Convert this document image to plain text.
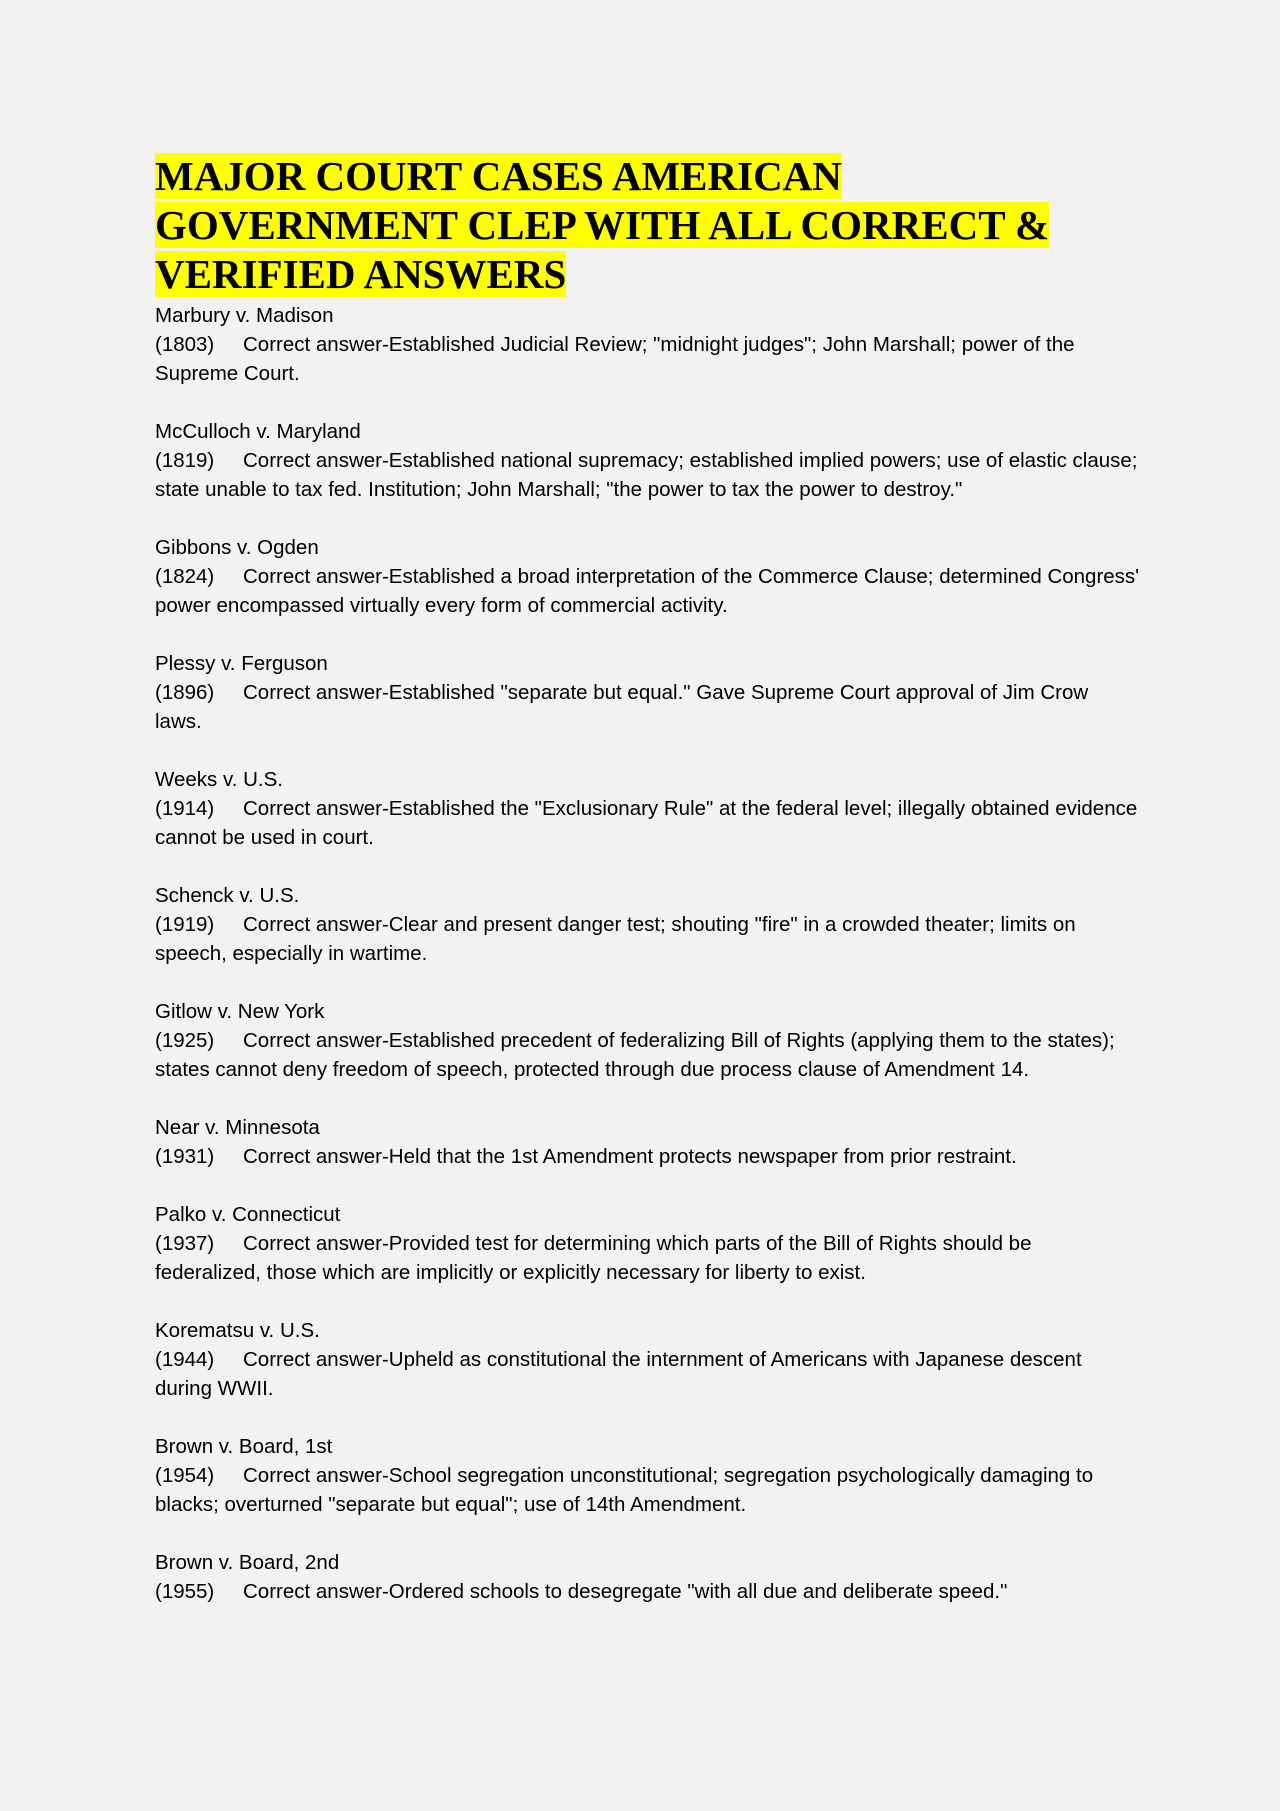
MAJOR COURT CASES AMERICAN GOVERNMENT CLEP WITH ALL CORRECT & VERIFIED ANSWERS
Marbury v. Madison
(1803) Correct answer-Established Judicial Review; "midnight judges"; John Marshall; power of the Supreme Court.
McCulloch v. Maryland
(1819) Correct answer-Established national supremacy; established implied powers; use of elastic clause; state unable to tax fed. Institution; John Marshall; "the power to tax the power to destroy."
Gibbons v. Ogden
(1824) Correct answer-Established a broad interpretation of the Commerce Clause; determined Congress' power encompassed virtually every form of commercial activity.
Plessy v. Ferguson
(1896) Correct answer-Established "separate but equal." Gave Supreme Court approval of Jim Crow laws.
Weeks v. U.S.
(1914) Correct answer-Established the "Exclusionary Rule" at the federal level; illegally obtained evidence cannot be used in court.
Schenck v. U.S.
(1919) Correct answer-Clear and present danger test; shouting "fire" in a crowded theater; limits on speech, especially in wartime.
Gitlow v. New York
(1925) Correct answer-Established precedent of federalizing Bill of Rights (applying them to the states); states cannot deny freedom of speech, protected through due process clause of Amendment 14.
Near v. Minnesota
(1931) Correct answer-Held that the 1st Amendment protects newspaper from prior restraint.
Palko v. Connecticut
(1937) Correct answer-Provided test for determining which parts of the Bill of Rights should be federalized, those which are implicitly or explicitly necessary for liberty to exist.
Korematsu v. U.S.
(1944) Correct answer-Upheld as constitutional the internment of Americans with Japanese descent during WWII.
Brown v. Board, 1st
(1954) Correct answer-School segregation unconstitutional; segregation psychologically damaging to blacks; overturned "separate but equal"; use of 14th Amendment.
Brown v. Board, 2nd
(1955) Correct answer-Ordered schools to desegregate "with all due and deliberate speed."
